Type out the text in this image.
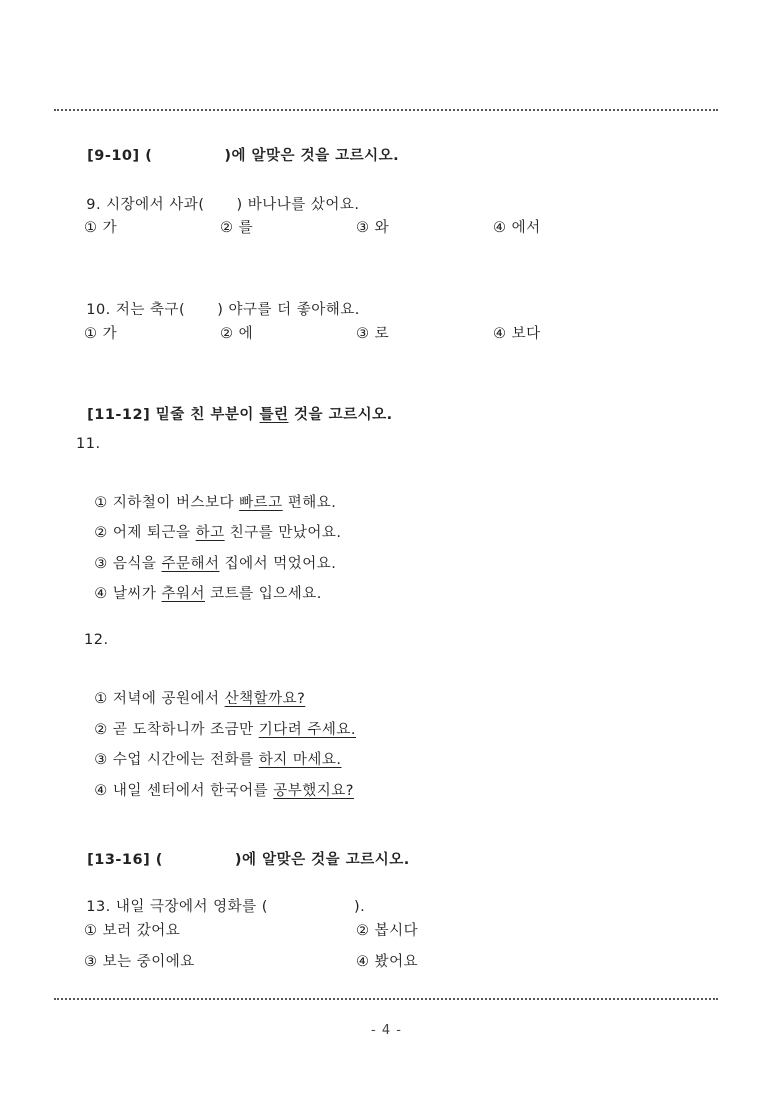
[9-10] (	)에 알맞은 것을 고르시오.

9. 시장에서 사과( ) 바나나를 샀어요.

① 가	② 를	③ 와	④ 에서

10. 저는 축구( ) 야구를 더 좋아해요.

① 가	② 에	③ 로	④ 보다

[11-12] 밑줄 친 부분이 틀린 것을 고르시오.

11.

① 지하철이 버스보다 빠르고 편해요.

② 어제 퇴근을 하고 친구를 만났어요.

③ 음식을 주문해서 집에서 먹었어요.

④ 날씨가 추워서 코트를 입으세요.

12.

① 저녁에 공원에서 산책할까요?

② 곧 도착하니까 조금만 기다려 주세요.

③ 수업 시간에는 전화를 하지 마세요.

④ 내일 센터에서 한국어를 공부했지요?

[13-16] (	)에 알맞은 것을 고르시오.

13. 내일 극장에서 영화를 (	).

① 보러 갔어요	② 봅시다
③ 보는 중이에요	④ 봤어요
- 4 -
